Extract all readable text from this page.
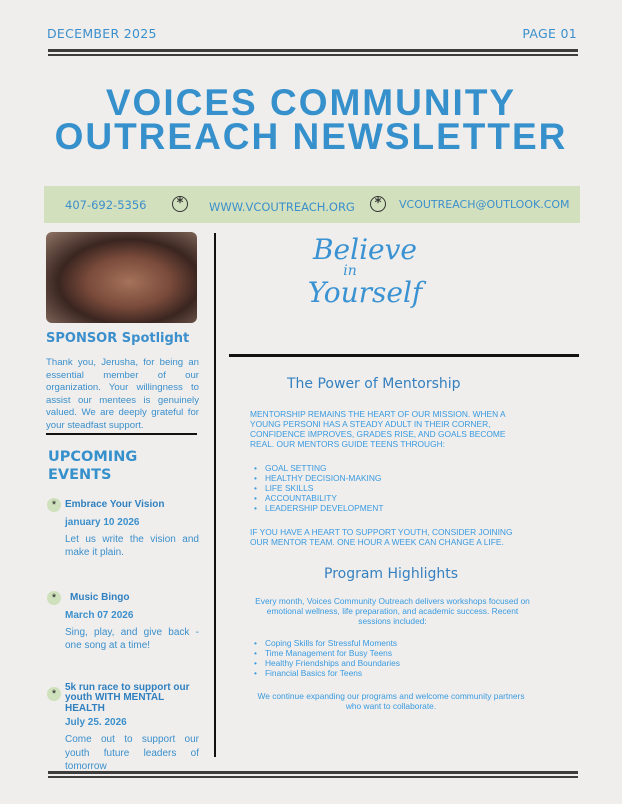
DECEMBER 2025	PAGE 01
VOICES COMMUNITY
OUTREACH NEWSLETTER
407-692-5356	*	WWW.VCOUTREACH.ORG	*	VCOUTREACH@OUTLOOK.COM
SPONSOR Spotlight
Thank you, Jerusha, for being an essential member of our organization. Your willingness to assist our mentees is genuinely valued. We are deeply grateful for your steadfast support.
UPCOMING EVENTS
* Embrace Your Vision
january 10 2026
Let us write the vision and make it plain.
*	Music Bingo
March 07 2026
Sing, play, and give back - one song at a time!
*
5k run race to support our youth WITH MENTAL HEALTH
July 25. 2026
Come out to support our youth future leaders of tomorrow
Believe
in
Yourself
The Power of Mentorship
MENTORSHIP REMAINS THE HEART OF OUR MISSION. WHEN A YOUNG PERSONI HAS A STEADY ADULT IN THEIR CORNER, CONFIDENCE IMPROVES, GRADES RISE, AND GOALS BECOME REAL. OUR MENTORS GUIDE TEENS THROUGH:
• GOAL SETTING
• HEALTHY DECISION-MAKING
• LIFE SKILLS
• ACCOUNTABILITY
• LEADERSHIP DEVELOPMENT
IF YOU HAVE A HEART TO SUPPORT YOUTH, CONSIDER JOINING OUR MENTOR TEAM. ONE HOUR A WEEK CAN CHANGE A LIFE.
Program Highlights
Every month, Voices Community Outreach delivers workshops focused on emotional wellness, life preparation, and academic success. Recent sessions included:
• Coping Skills for Stressful Moments
• Time Management for Busy Teens
• Healthy Friendships and Boundaries
• Financial Basics for Teens
We continue expanding our programs and welcome community partners who want to collaborate.
